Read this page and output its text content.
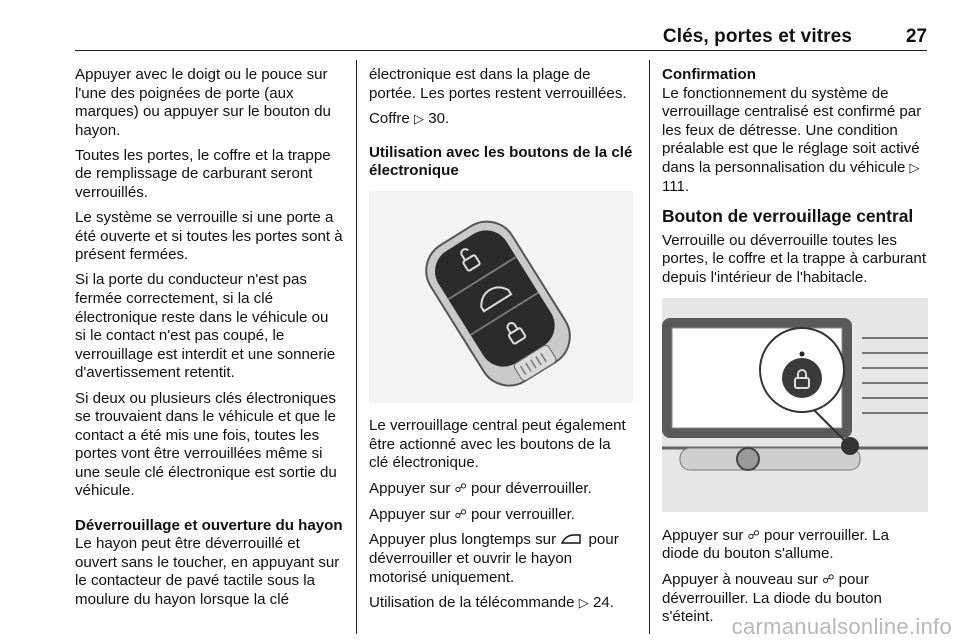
Clés, portes et vitres	27

Appuyer avec le doigt ou le pouce sur l'une des poignées de porte (aux marques) ou appuyer sur le bouton du hayon.

Toutes les portes, le coffre et la trappe de remplissage de carburant seront verrouillés.

Le système se verrouille si une porte a été ouverte et si toutes les portes sont à présent fermées.

Si la porte du conducteur n'est pas fermée correctement, si la clé électronique reste dans le véhicule ou si le contact n'est pas coupé, le verrouillage est interdit et une sonnerie d'avertissement retentit.

Si deux ou plusieurs clés électroniques se trouvaient dans le véhicule et que le contact a été mis une fois, toutes les portes vont être verrouillées même si une seule clé électronique est sortie du véhicule.

Déverrouillage et ouverture du hayon

Le hayon peut être déverrouillé et ouvert sans le toucher, en appuyant sur le contacteur de pavé tactile sous la moulure du hayon lorsque la clé

électronique est dans la plage de portée. Les portes restent verrouillées.

Coffre ▷ 30.

Utilisation avec les boutons de la clé électronique

Le verrouillage central peut également être actionné avec les boutons de la clé électronique.

Appuyer sur ☍ pour déverrouiller.

Appuyer sur ☍ pour verrouiller.

Appuyer plus longtemps sur pour déverrouiller et ouvrir le hayon motorisé uniquement.

Utilisation de la télécommande ▷ 24.

Confirmation

Le fonctionnement du système de verrouillage centralisé est confirmé par les feux de détresse. Une condition préalable est que le réglage soit activé dans la personnalisation du véhicule ▷ 111.

Bouton de verrouillage central

Verrouille ou déverrouille toutes les portes, le coffre et la trappe à carburant depuis l'intérieur de l'habitacle.

Appuyer sur ☍ pour verrouiller. La diode du bouton s'allume.

Appuyer à nouveau sur ☍ pour déverrouiller. La diode du bouton s'éteint. carmanualsonline.info
